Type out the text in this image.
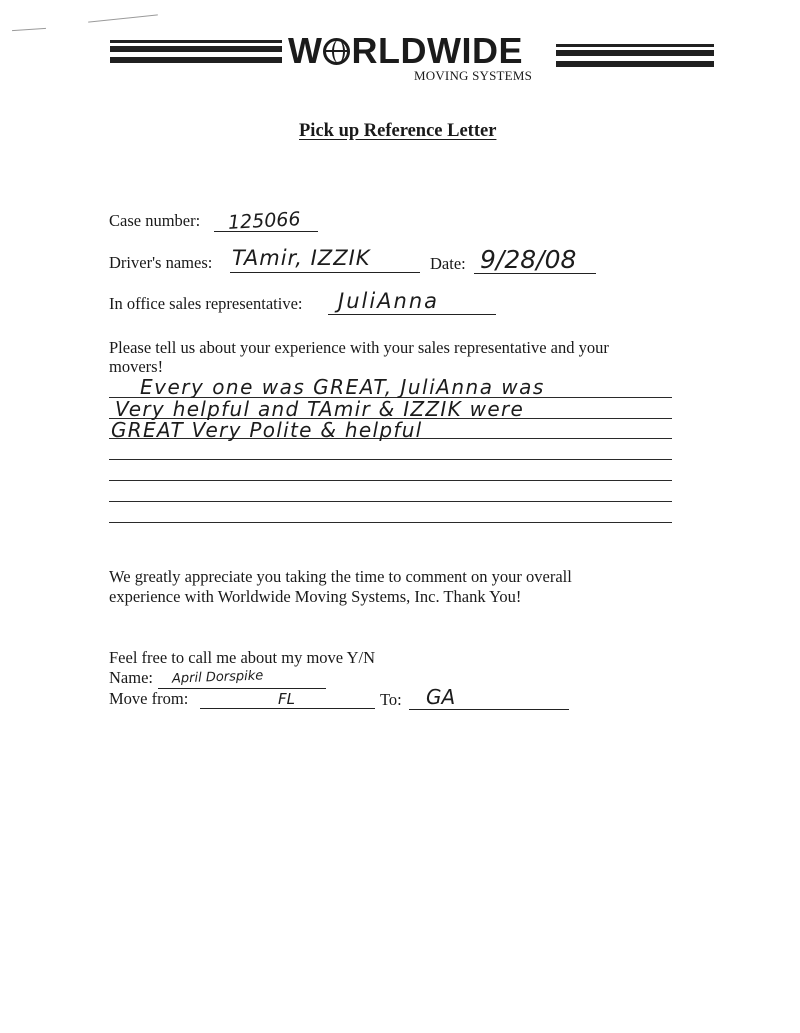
W RLDWIDE
MOVING SYSTEMS
Pick up Reference Letter
Case number: 125066
Driver's names: TAmir, IZZIK	Date: 9/28/08
In office sales representative: JuliAnna
Please tell us about your experience with your sales representative and your
movers!
Every one was GREAT, JuliAnna was
Very helpful and TAmir & IZZIK were
GREAT Very Polite & helpful
We greatly appreciate you taking the time to comment on your overall
experience with Worldwide Moving Systems, Inc. Thank You!
Feel free to call me about my move Y/N
Name: April Dorspike
Move from:	FL	To: GA
